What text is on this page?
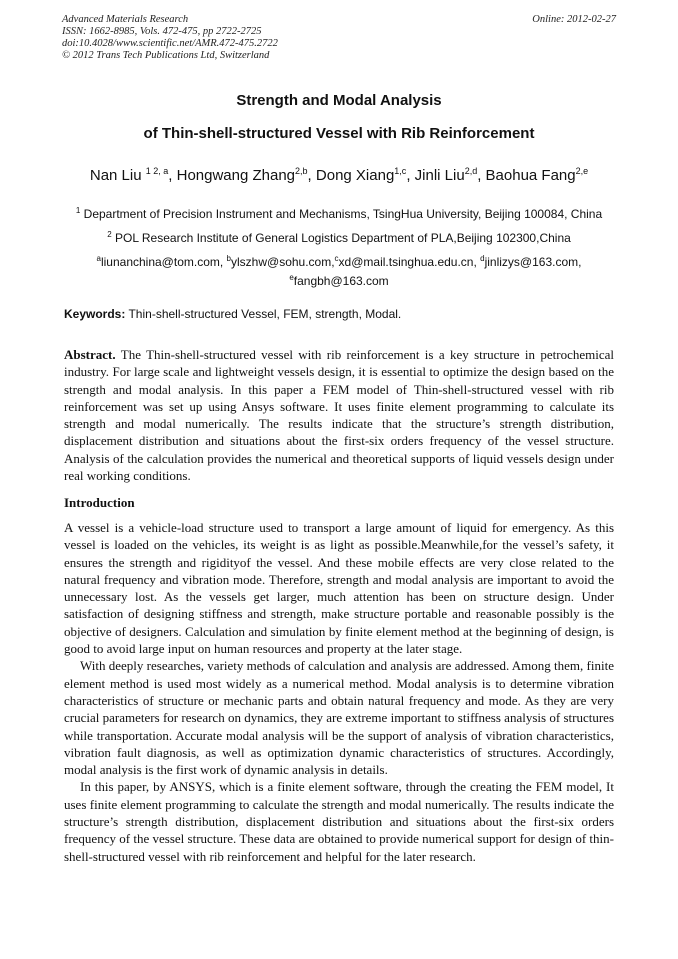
Advanced Materials Research
ISSN: 1662-8985, Vols. 472-475, pp 2722-2725
doi:10.4028/www.scientific.net/AMR.472-475.2722
© 2012 Trans Tech Publications Ltd, Switzerland
Online: 2012-02-27
Strength and Modal Analysis
of Thin-shell-structured Vessel with Rib Reinforcement
Nan Liu $^{1 2, a}$, Hongwang Zhang$^{2,b}$, Dong Xiang$^{1,c}$, Jinli Liu$^{2,d}$, Baohua Fang$^{2,e}$
$^1$ Department of Precision Instrument and Mechanisms, TsingHua University, Beijing 100084, China
$^2$ POL Research Institute of General Logistics Department of PLA,Beijing 102300,China
$^a$liunanchina@tom.com, $^b$ylszhw@sohu.com,$^c$xd@mail.tsinghua.edu.cn, $^d$jinlizys@163.com,
$^e$fangbh@163.com
Keywords: Thin-shell-structured Vessel, FEM, strength, Modal.

Abstract. The Thin-shell-structured vessel with rib reinforcement is a key structure in petrochemical industry. For large scale and lightweight vessels design, it is essential to optimize the design based on the strength and modal analysis. In this paper a FEM model of Thin-shell-structured vessel with rib reinforcement was set up using Ansys software. It uses finite element programming to calculate its strength and modal numerically. The results indicate that the structure’s strength distribution, displacement distribution and situations about the first-six orders frequency of the vessel structure. Analysis of the calculation provides the numerical and theoretical supports of liquid vessels design under real working conditions.

Introduction

A vessel is a vehicle-load structure used to transport a large amount of liquid for emergency. As this vessel is loaded on the vehicles, its weight is as light as possible.Meanwhile,for the vessel’s safety, it ensures the strength and rigidityof the vessel. And these mobile effects are very close related to the natural frequency and vibration mode. Therefore, strength and modal analysis are important to avoid the unnecessary lost. As the vessels get larger, much attention has been on structure design. Under satisfaction of designing stiffness and strength, make structure portable and reasonable possibly is the objective of designers. Calculation and simulation by finite element method at the beginning of design, is good to avoid large input on human resources and property at the later stage.

With deeply researches, variety methods of calculation and analysis are addressed. Among them, finite element method is used most widely as a numerical method. Modal analysis is to determine vibration characteristics of structure or mechanic parts and obtain natural frequency and mode. As they are very crucial parameters for research on dynamics, they are extreme important to stiffness analysis of structures while transportation. Accurate modal analysis will be the support of analysis of vibration characteristics, vibration fault diagnosis, as well as optimization dynamic characteristics of structures. Accordingly, modal analysis is the first work of dynamic analysis in details.

In this paper, by ANSYS, which is a finite element software, through the creating the FEM model, It uses finite element programming to calculate the strength and modal numerically. The results indicate the structure’s strength distribution, displacement distribution and situations about the first-six orders frequency of the vessel structure. These data are obtained to provide numerical support for design of thin-shell-structured vessel with rib reinforcement and helpful for the later research.
